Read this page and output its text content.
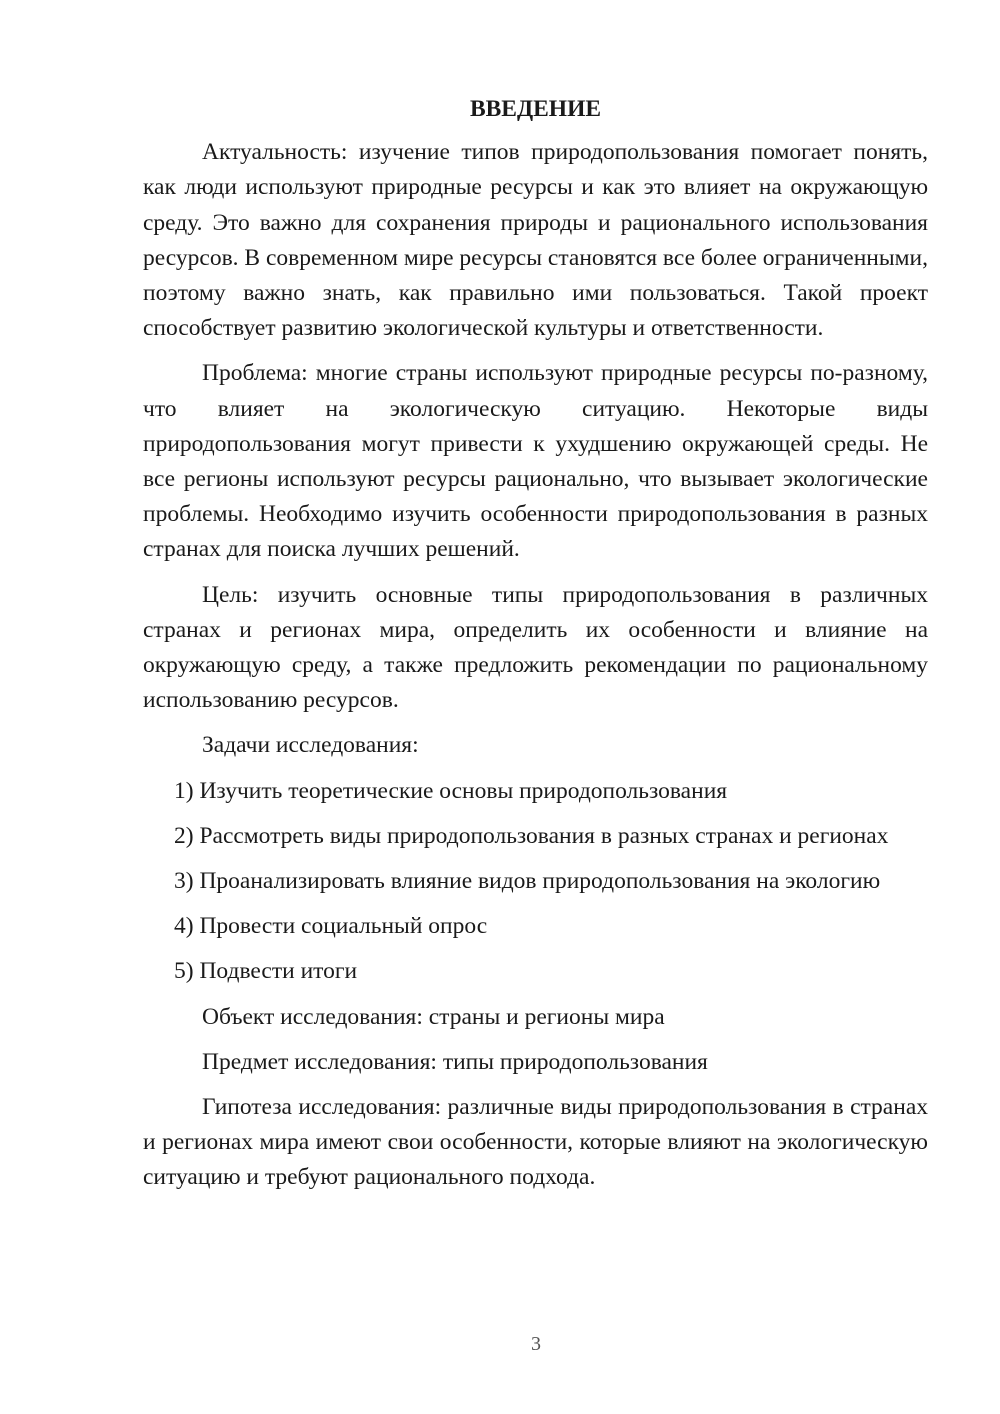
ВВЕДЕНИЕ

Актуальность: изучение типов природопользования помогает понять, как люди используют природные ресурсы и как это влияет на окружающую среду. Это важно для сохранения природы и рационального использования ресурсов. В современном мире ресурсы становятся все более ограниченными, поэтому важно знать, как правильно ими пользоваться. Такой проект способствует развитию экологической культуры и ответственности.

Проблема: многие страны используют природные ресурсы по-разному, что влияет на экологическую ситуацию. Некоторые виды природопользования могут привести к ухудшению окружающей среды. Не все регионы используют ресурсы рационально, что вызывает экологические проблемы. Необходимо изучить особенности природопользования в разных странах для поиска лучших решений.

Цель: изучить основные типы природопользования в различных странах и регионах мира, определить их особенности и влияние на окружающую среду, а также предложить рекомендации по рациональному использованию ресурсов.

Задачи исследования:

1) Изучить теоретические основы природопользования

2) Рассмотреть виды природопользования в разных странах и регионах

3) Проанализировать влияние видов природопользования на экологию

4) Провести социальный опрос

5) Подвести итоги

Объект исследования: страны и регионы мира

Предмет исследования: типы природопользования

Гипотеза исследования: различные виды природопользования в странах и регионах мира имеют свои особенности, которые влияют на экологическую ситуацию и требуют рационального подхода.

3
